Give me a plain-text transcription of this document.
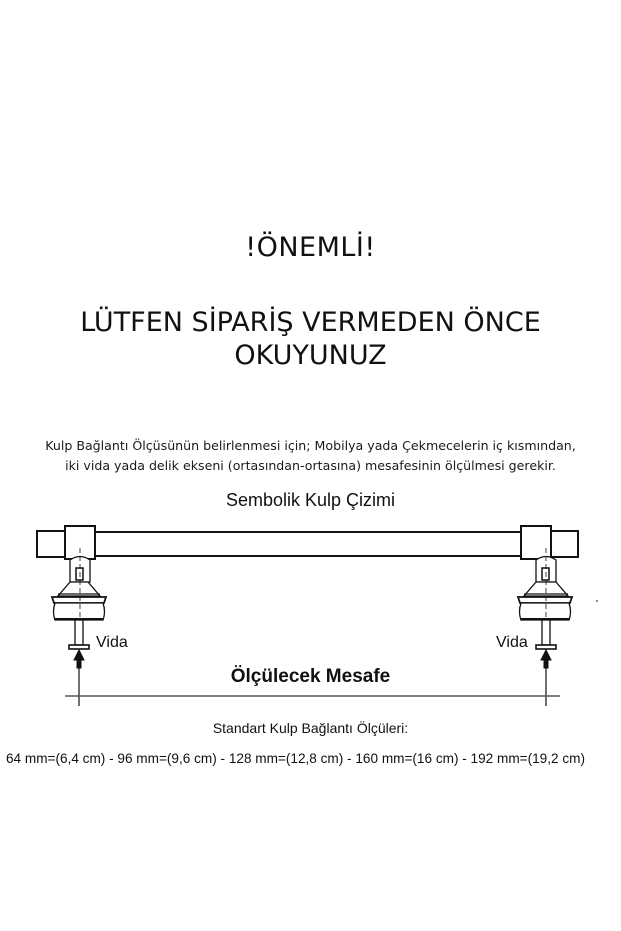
!ÖNEMLİ!
LÜTFEN SİPARİŞ VERMEDEN ÖNCE
OKUYUNUZ
Kulp Bağlantı Ölçüsünün belirlenmesi için; Mobilya yada Çekmecelerin iç kısmından,
iki vida yada delik ekseni (ortasından-ortasına) mesafesinin ölçülmesi gerekir.
Sembolik Kulp Çizimi
Vida	Vida
Ölçülecek Mesafe
Standart Kulp Bağlantı Ölçüleri:
64 mm=(6,4 cm) - 96 mm=(9,6 cm) - 128 mm=(12,8 cm) - 160 mm=(16 cm) - 192 mm=(19,2 cm)
